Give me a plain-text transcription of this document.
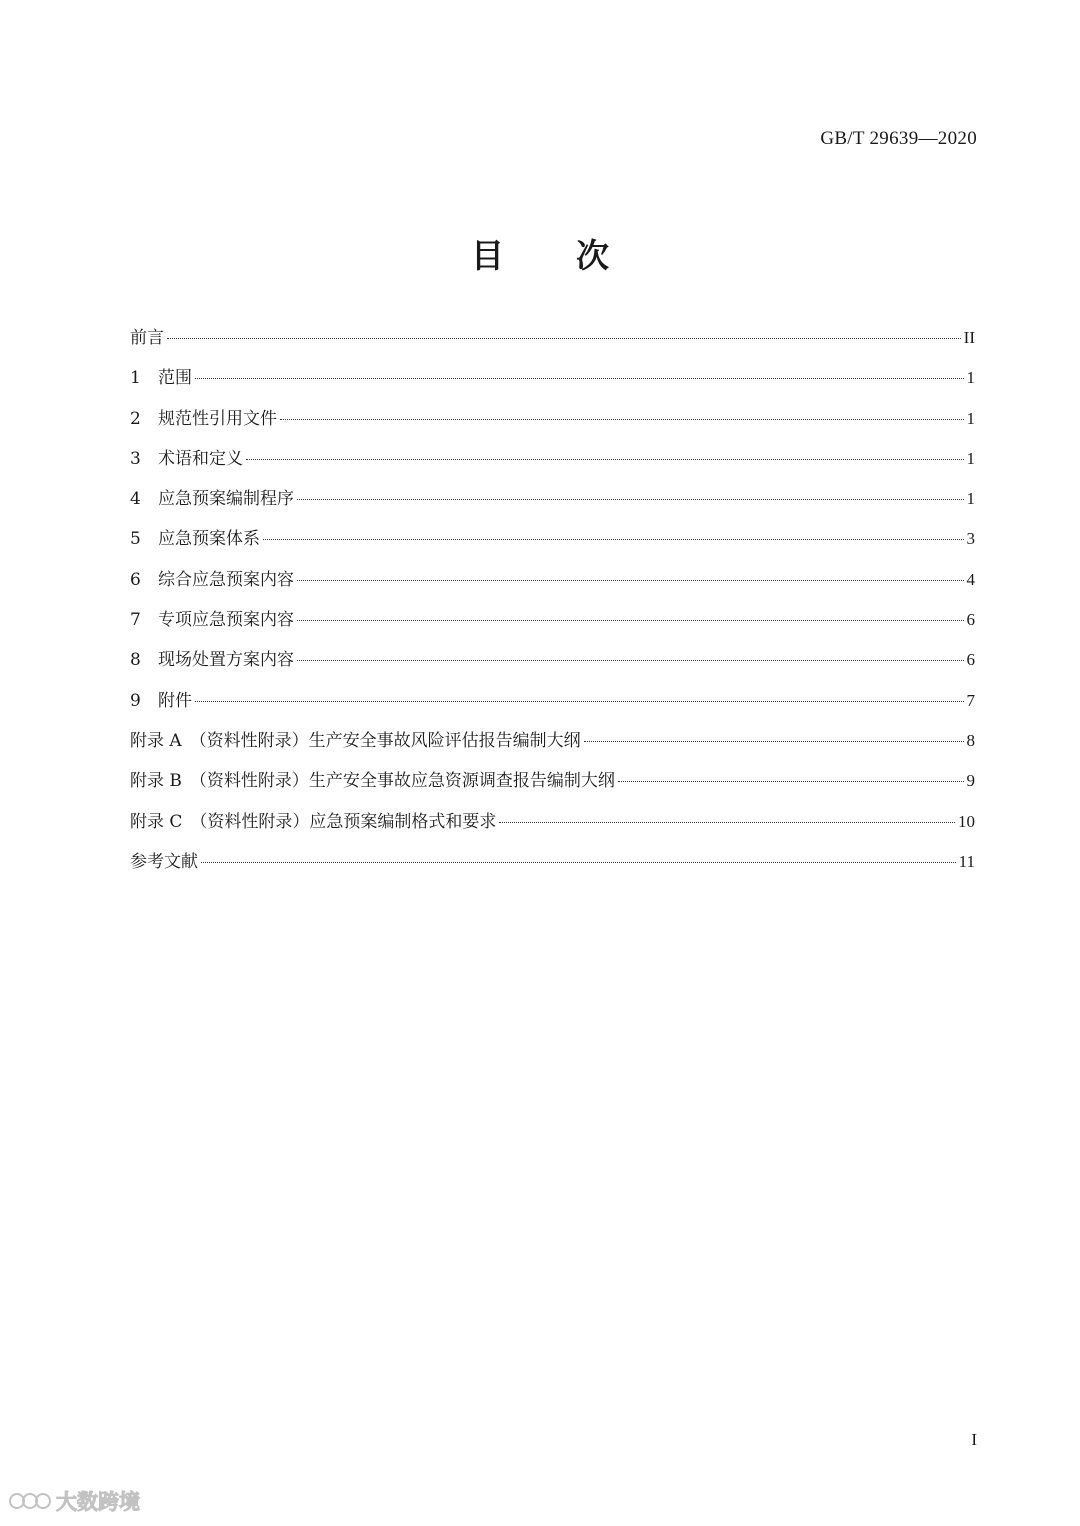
GB/T 29639—2020
目次
前言	II
1 范围	1
2 规范性引用文件	1
3 术语和定义	1
4 应急预案编制程序	1
5 应急预案体系	3
6 综合应急预案内容	4
7 专项应急预案内容	6
8 现场处置方案内容	6
9 附件	7
附录 A （资料性附录）生产安全事故风险评估报告编制大纲	8
附录 B （资料性附录）生产安全事故应急资源调查报告编制大纲	9
附录 C （资料性附录）应急预案编制格式和要求	10
参考文献	11
I
大数跨境
